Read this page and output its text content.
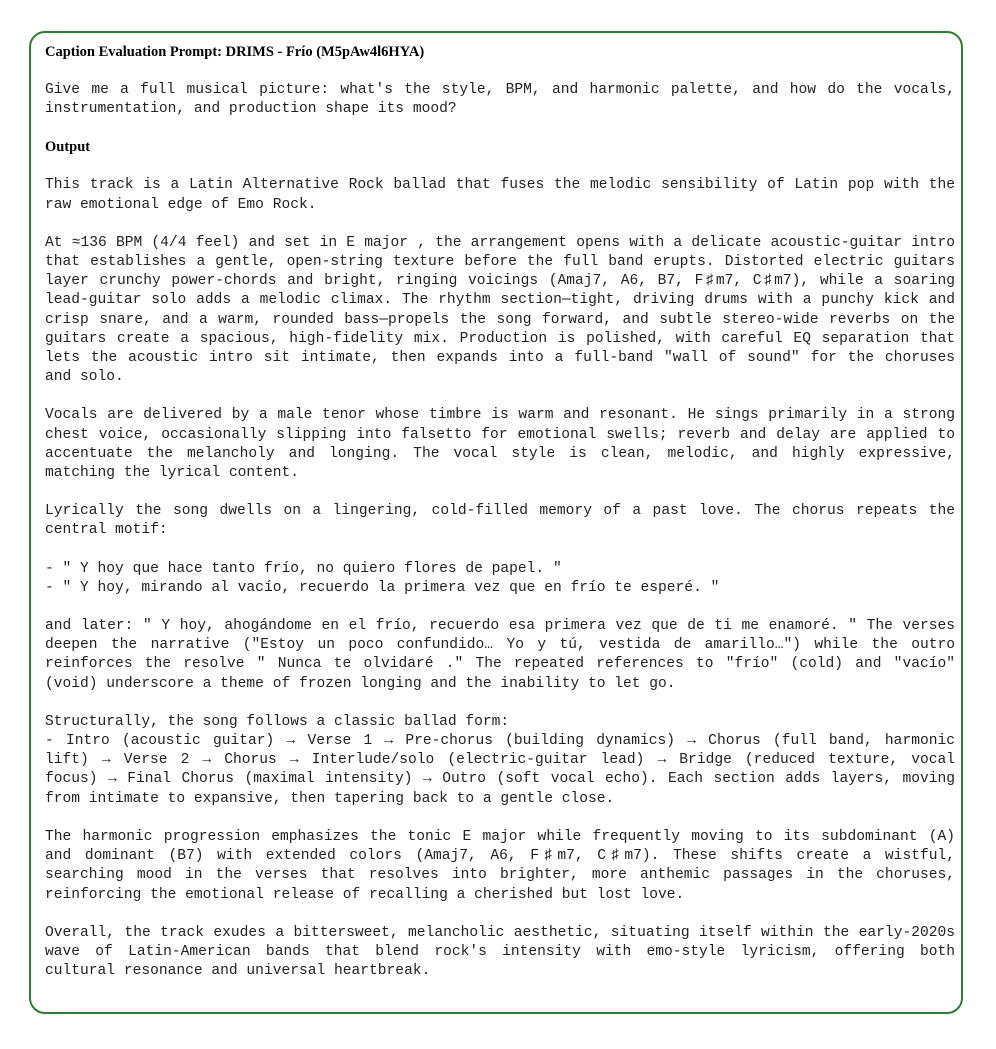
Caption Evaluation Prompt: DRIMS - Frío (M5pAw4l6HYA)

Give me a full musical picture: what's the style, BPM, and harmonic palette, and how do the vocals, instrumentation, and production shape its mood?

Output

This track is a Latin Alternative Rock ballad that fuses the melodic sensibility of Latin pop with the raw emotional edge of Emo Rock.

At ≈136 BPM (4/4 feel) and set in E major , the arrangement opens with a delicate acoustic-guitar intro that establishes a gentle, open-string texture before the full band erupts. Distorted electric guitars layer crunchy power-chords and bright, ringing voicings (Amaj7, A6, B7, F♯m7, C♯m7), while a soaring lead-guitar solo adds a melodic climax. The rhythm section—tight, driving drums with a punchy kick and crisp snare, and a warm, rounded bass—propels the song forward, and subtle stereo-wide reverbs on the guitars create a spacious, high-fidelity mix. Production is polished, with careful EQ separation that lets the acoustic intro sit intimate, then expands into a full-band "wall of sound" for the choruses and solo.

Vocals are delivered by a male tenor whose timbre is warm and resonant. He sings primarily in a strong chest voice, occasionally slipping into falsetto for emotional swells; reverb and delay are applied to accentuate the melancholy and longing. The vocal style is clean, melodic, and highly expressive, matching the lyrical content.

Lyrically the song dwells on a lingering, cold-filled memory of a past love. The chorus repeats the central motif:

- " Y hoy que hace tanto frío, no quiero flores de papel. "
- " Y hoy, mirando al vacío, recuerdo la primera vez que en frío te esperé. "

and later: " Y hoy, ahogándome en el frío, recuerdo esa primera vez que de ti me enamoré. " The verses deepen the narrative ("Estoy un poco confundido… Yo y tú, vestida de amarillo…") while the outro reinforces the resolve " Nunca te olvidaré ." The repeated references to "frío" (cold) and "vacío" (void) underscore a theme of frozen longing and the inability to let go.

Structurally, the song follows a classic ballad form:
- Intro (acoustic guitar) → Verse 1 → Pre-chorus (building dynamics) → Chorus (full band, harmonic lift) → Verse 2 → Chorus → Interlude/solo (electric-guitar lead) → Bridge (reduced texture, vocal focus) → Final Chorus (maximal intensity) → Outro (soft vocal echo). Each section adds layers, moving from intimate to expansive, then tapering back to a gentle close.

The harmonic progression emphasizes the tonic E major while frequently moving to its subdominant (A) and dominant (B7) with extended colors (Amaj7, A6, F♯m7, C♯m7). These shifts create a wistful, searching mood in the verses that resolves into brighter, more anthemic passages in the choruses, reinforcing the emotional release of recalling a cherished but lost love.

Overall, the track exudes a bittersweet, melancholic aesthetic, situating itself within the early-2020s wave of Latin-American bands that blend rock's intensity with emo-style lyricism, offering both cultural resonance and universal heartbreak.
